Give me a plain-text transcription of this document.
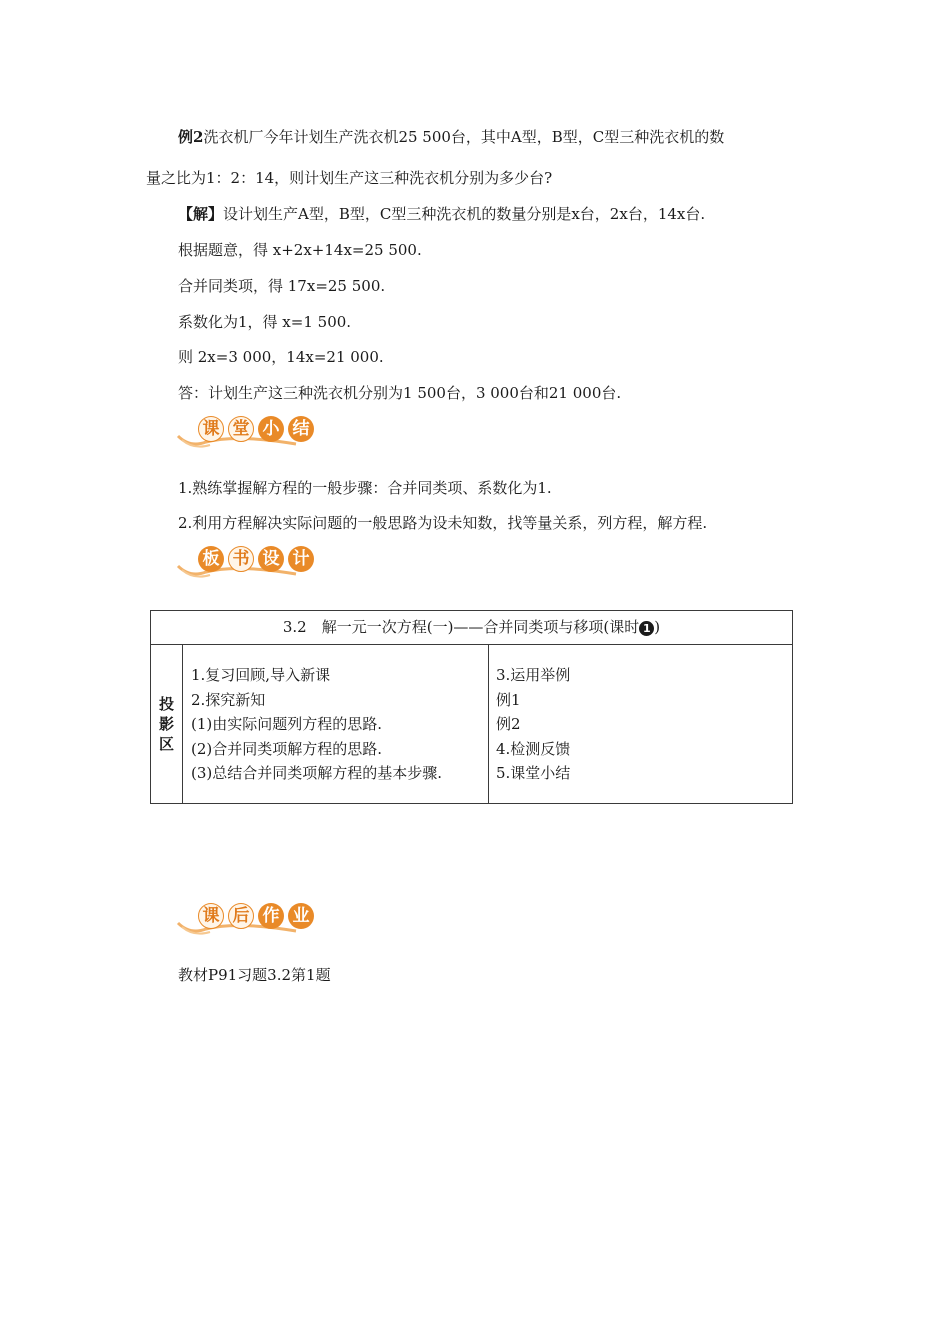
例2洗衣机厂今年计划生产洗衣机25 500台，其中A型，B型，C型三种洗衣机的数
量之比为1：2：14，则计划生产这三种洗衣机分别为多少台?
【解】设计划生产A型，B型，C型三种洗衣机的数量分别是x台，2x台，14x台.
根据题意，得 x+2x+14x=25 500.
合并同类项，得 17x=25 500.
系数化为1，得 x=1 500.
则 2x=3 000，14x=21 000.
答：计划生产这三种洗衣机分别为1 500台，3 000台和21 000台.
课 堂 小 结
1.熟练掌握解方程的一般步骤：合并同类项、系数化为1.
2.利用方程解决实际问题的一般思路为设未知数，找等量关系，列方程，解方程.
板 书 设 计
3.2　解一元一次方程(一)——合并同类项与移项(课时 1 )
投
影
区
1.复习回顾,导入新课
2.探究新知
(1)由实际问题列方程的思路.
(2)合并同类项解方程的思路.
(3)总结合并同类项解方程的基本步骤.
3.运用举例
例1
例2
4.检测反馈
5.课堂小结
课 后 作 业
教材P91习题3.2第1题
